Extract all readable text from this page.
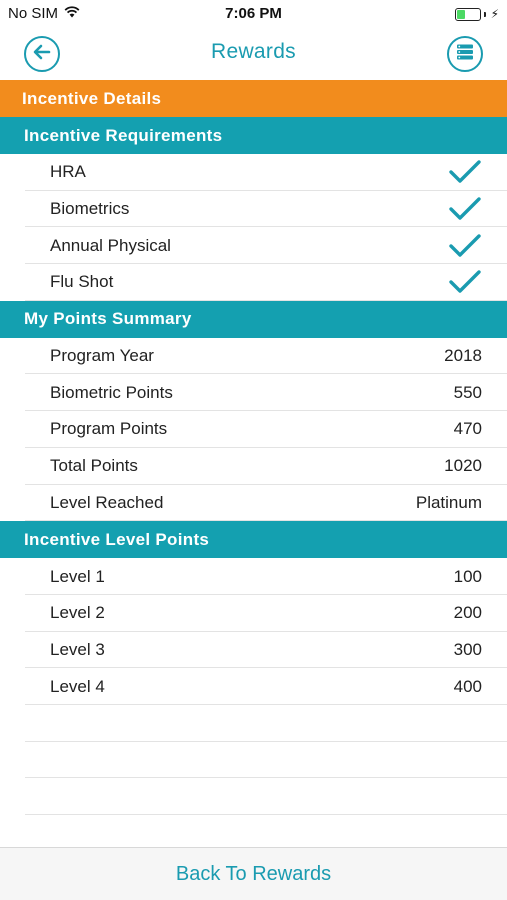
No SIM	7:06 PM	⚡
Rewards
Incentive Details
Incentive Requirements
HRA
Biometrics
Annual Physical
Flu Shot
My Points Summary
Program Year	2018
Biometric Points	550
Program Points	470
Total Points	1020
Level Reached	Platinum
Incentive Level Points
Level 1	100
Level 2	200
Level 3	300
Level 4	400
Back To Rewards
